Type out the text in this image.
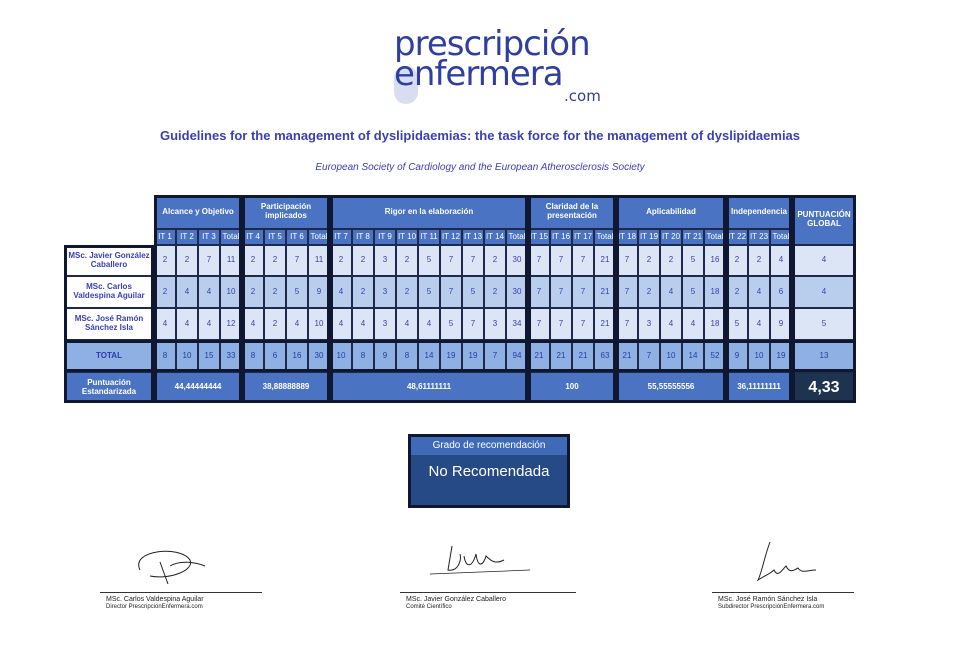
prescripción
enfermera
.com
Guidelines for the management of dyslipidaemias: the task force for the management of dyslipidaemias
European Society of Cardiology and the European Atherosclerosis Society
Alcance y Objetivo	Participación implicados	Rigor en la elaboración	Claridad de la presentación	Aplicabilidad	Independencia	PUNTUACIÓN GLOBAL
IT 1	IT 2	IT 3 Total IT 4	IT 5	IT 6 Total IT 7	IT 8	IT 9 IT 10 IT 11 IT 12 IT 13 IT 14 Total IT 15 IT 16 IT 17 Total IT 18 IT 19 IT 20 IT 21 Total IT 22 IT 23 Total
MSc. Javier González Caballero	2	2	7	11	2	2	7	11	2	2	3	2	5	7	7	2	30	7	7	7	21	7	2	2	5	16	2	2	4	4
MSc. Carlos Valdespina Aguilar	2	4	4	10	2	2	5	9	4	2	3	2	5	7	5	2	30	7	7	7	21	7	2	4	5	18	2	4	6	4
MSc. José Ramón Sánchez Isla	4	4	4	12	4	2	4	10	4	4	3	4	4	5	7	3	34	7	7	7	21	7	3	4	4	18	5	4	9	5
TOTAL	8	10	15	33	8	6	16	30	10	8	9	8	14	19	19	7	94	21	21	21	63	21	7	10	14	52	9	10	19	13
Puntuación Estandarizada	44,44444444	38,88888889	48,61111111	100	55,55555556	36,11111111	4,33
Grado de recomendación
No Recomendada
MSc. Carlos Valdespina Aguilar
Director PrescripciónEnfermera.com
MSc. Javier González Caballero
Comité Científico
MSc. José Ramón Sánchez Isla
Subdirector PrescripciónEnfermera.com
